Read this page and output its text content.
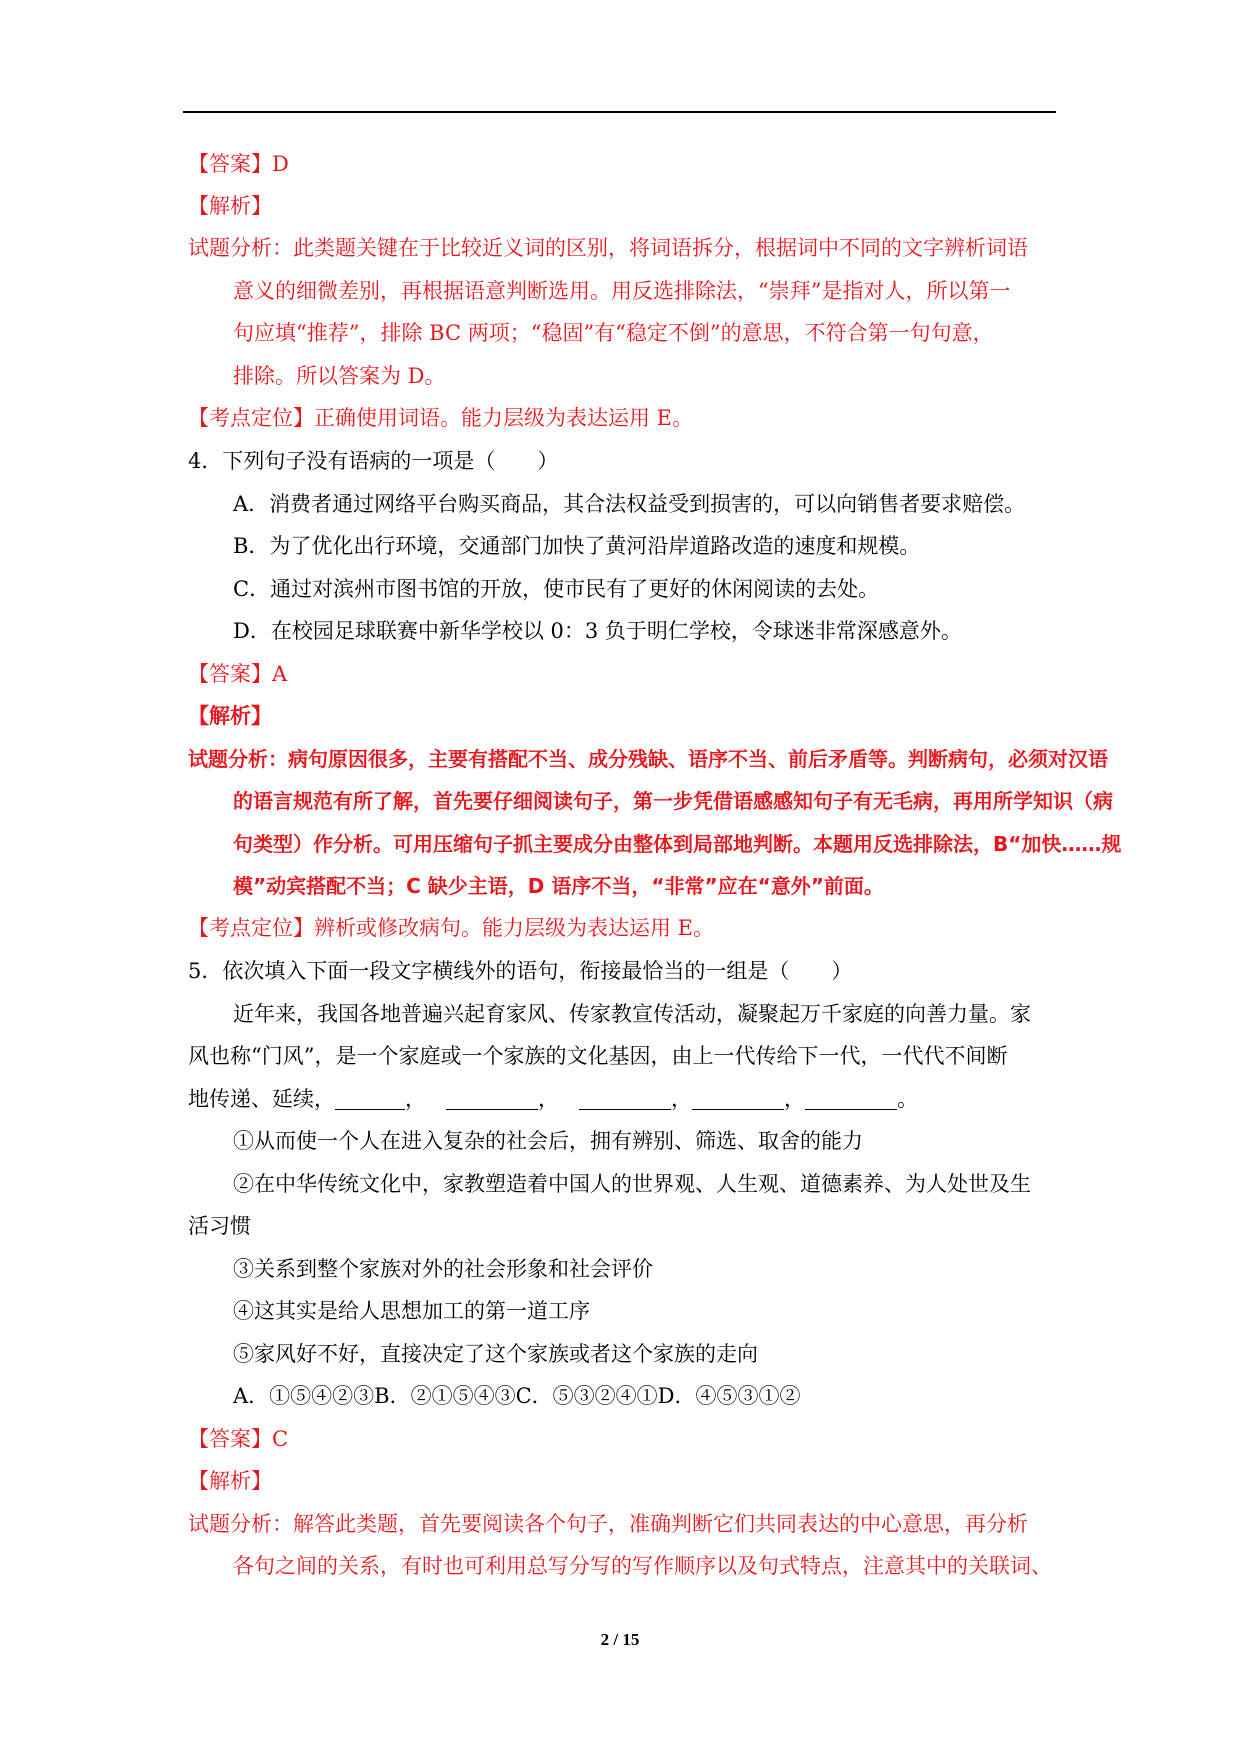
【答案】D
【解析】
试题分析：此类题关键在于比较近义词的区别，将词语拆分，根据词中不同的文字辨析词语
意义的细微差别，再根据语意判断选用。用反选排除法，“崇拜”是指对人，所以第一
句应填“推荐”，排除 BC 两项；“稳固”有“稳定不倒”的意思，不符合第一句句意，
排除。所以答案为 D。
【考点定位】正确使用词语。能力层级为表达运用 E。
4．下列句子没有语病的一项是（　　）
A．消费者通过网络平台购买商品，其合法权益受到损害的，可以向销售者要求赔偿。
B．为了优化出行环境，交通部门加快了黄河沿岸道路改造的速度和规模。
C．通过对滨州市图书馆的开放，使市民有了更好的休闲阅读的去处。
D．在校园足球联赛中新华学校以 0：3 负于明仁学校，令球迷非常深感意外。
【答案】A
【解析】
试题分析：病句原因很多，主要有搭配不当、成分残缺、语序不当、前后矛盾等。判断病句，必须对汉语
的语言规范有所了解，首先要仔细阅读句子，第一步凭借语感感知句子有无毛病，再用所学知识（病
句类型）作分析。可用压缩句子抓主要成分由整体到局部地判断。本题用反选排除法，B“加快……规
模”动宾搭配不当；C 缺少主语，D 语序不当，“非常”应在“意外”前面。
【考点定位】辨析或修改病句。能力层级为表达运用 E。
5．依次填入下面一段文字横线外的语句，衔接最恰当的一组是（　　）
近年来，我国各地普遍兴起育家风、传家教宣传活动，凝聚起万千家庭的向善力量。家
风也称“门风”，是一个家庭或一个家族的文化基因，由上一代传给下一代，一代代不间断
地传递、延续，	，	，	，	，	。
①从而使一个人在进入复杂的社会后，拥有辨别、筛选、取舍的能力
②在中华传统文化中，家教塑造着中国人的世界观、人生观、道德素养、为人处世及生
活习惯
③关系到整个家族对外的社会形象和社会评价
④这其实是给人思想加工的第一道工序
⑤家风好不好，直接决定了这个家族或者这个家族的走向
A．①⑤④②③B．②①⑤④③C．⑤③②④①D．④⑤③①②
【答案】C
【解析】
试题分析：解答此类题，首先要阅读各个句子，准确判断它们共同表达的中心意思，再分析
各句之间的关系，有时也可利用总写分写的写作顺序以及句式特点，注意其中的关联词、
2 / 15
